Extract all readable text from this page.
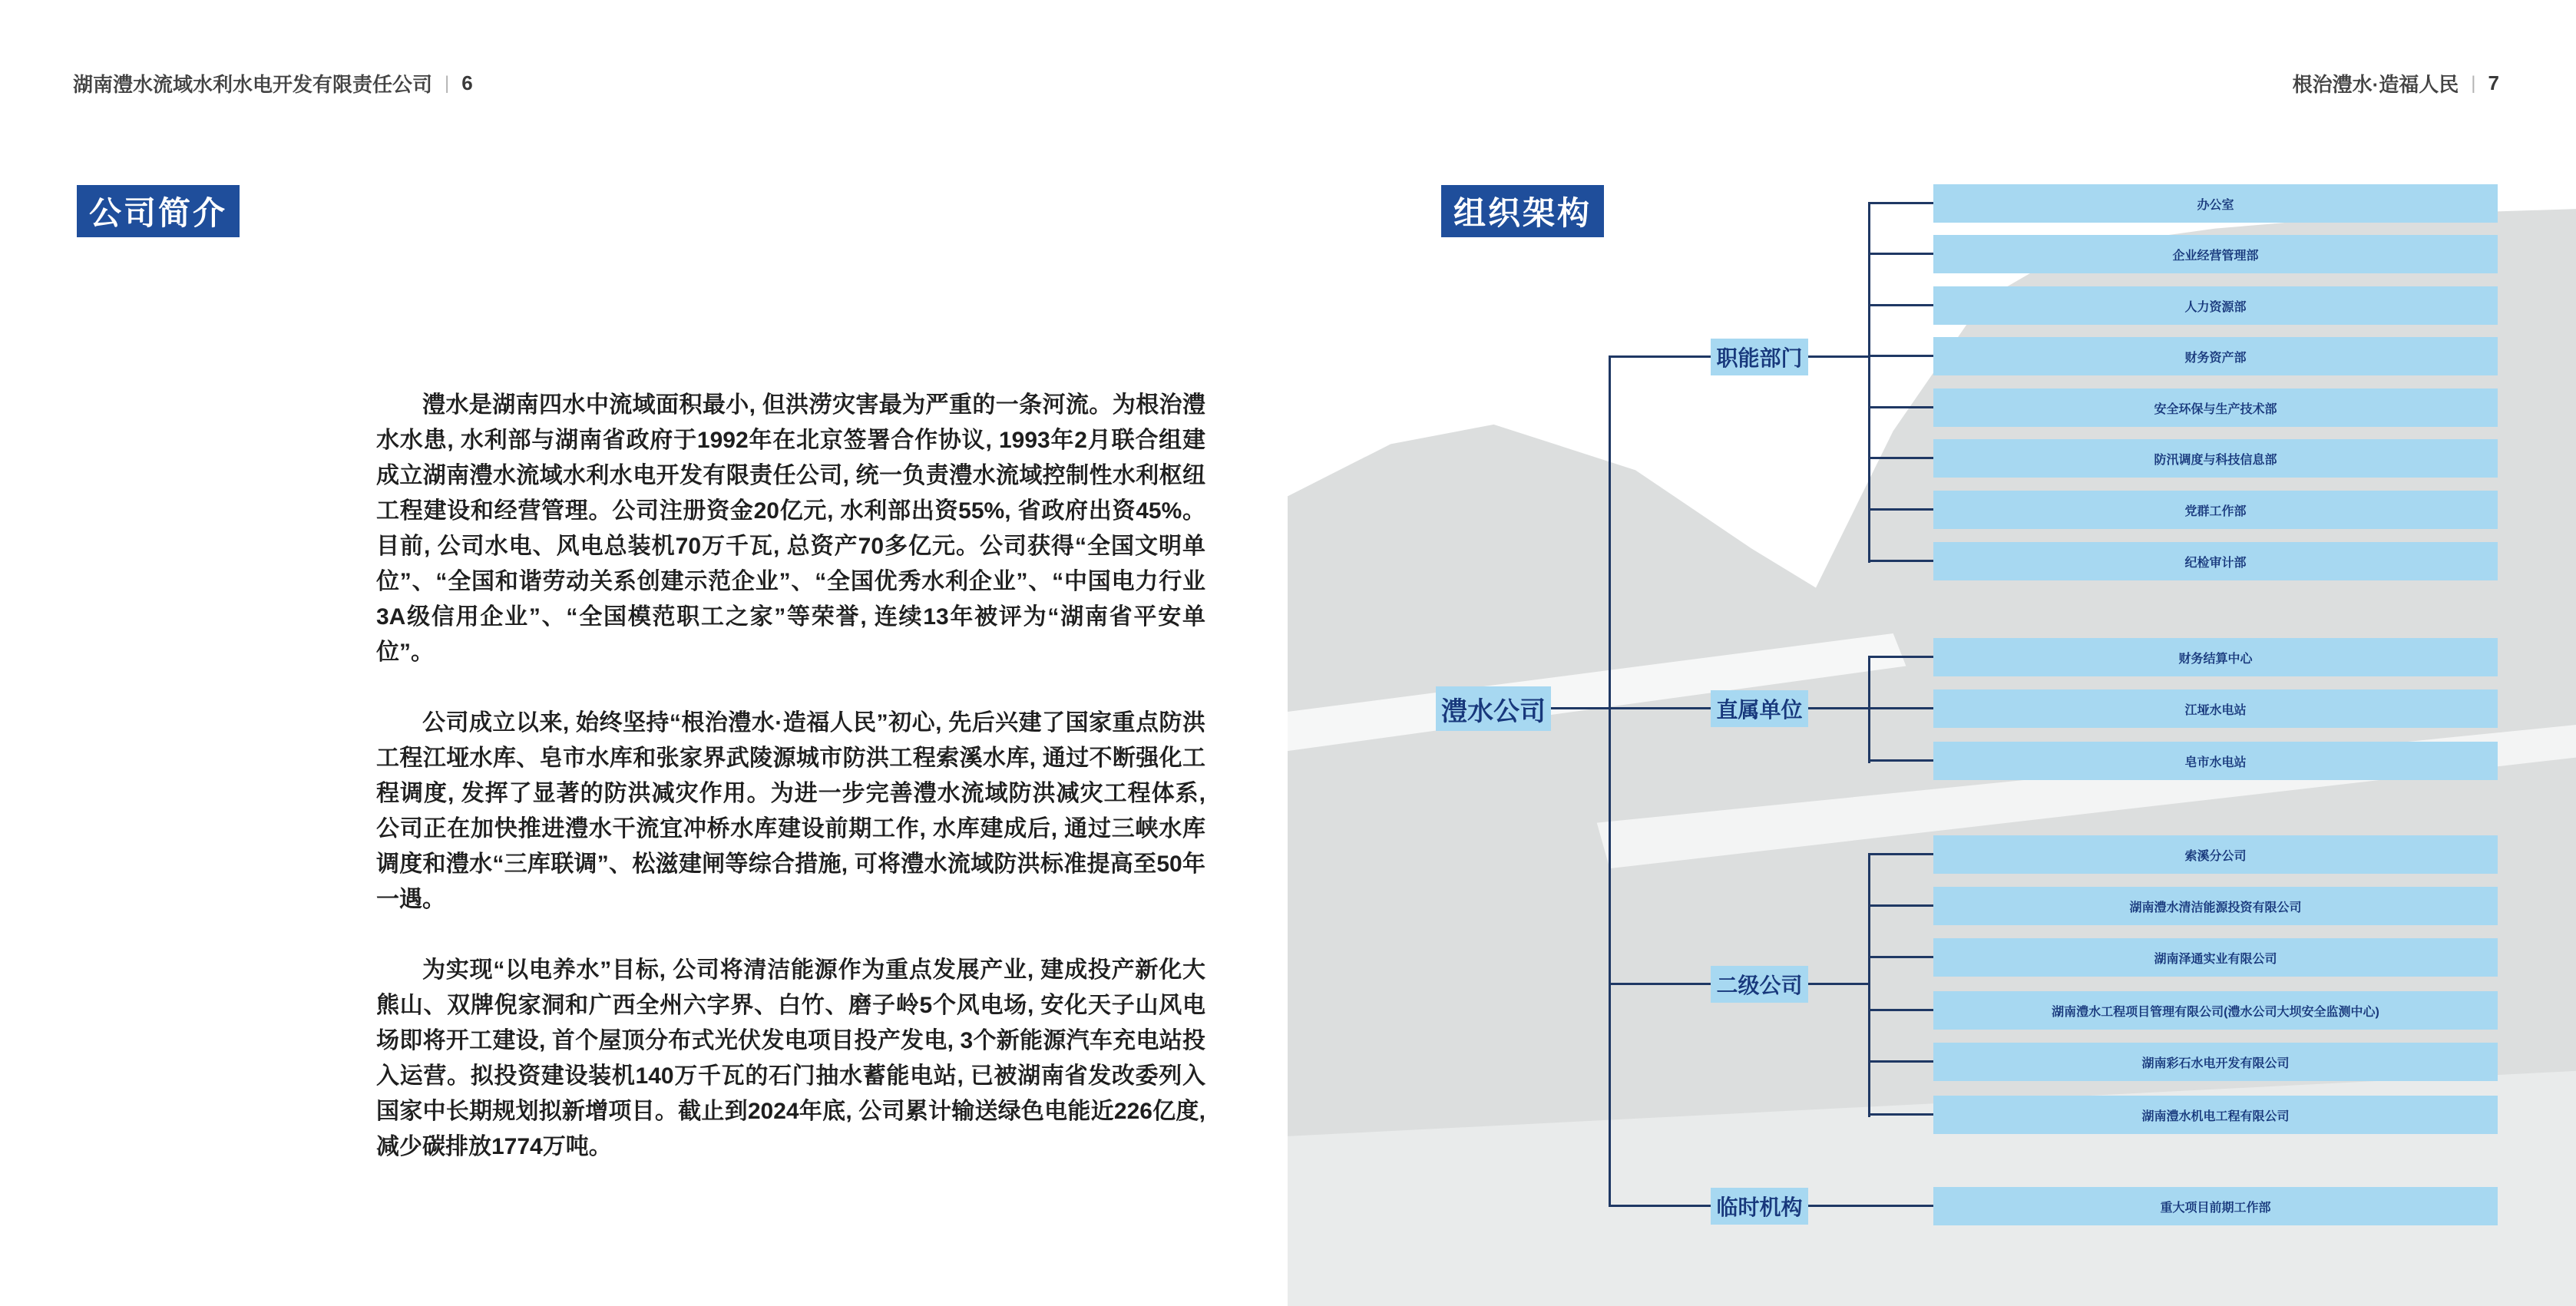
湖南澧水流域水利水电开发有限责任公司 | 6
公司简介

澧水是湖南四水中流域面积最小, 但洪涝灾害最为严重的一条河流。为根治澧水水患, 水利部与湖南省政府于1992年在北京签署合作协议, 1993年2月联合组建成立湖南澧水流域水利水电开发有限责任公司, 统一负责澧水流域控制性水利枢纽工程建设和经营管理。公司注册资金20亿元, 水利部出资55%, 省政府出资45%。目前, 公司水电、风电总装机70万千瓦, 总资产70多亿元。公司获得“全国文明单位”、“全国和谐劳动关系创建示范企业”、“全国优秀水利企业”、“中国电力行业3A级信用企业”、“全国模范职工之家”等荣誉, 连续13年被评为“湖南省平安单位”。

公司成立以来, 始终坚持“根治澧水·造福人民”初心, 先后兴建了国家重点防洪工程江垭水库、皂市水库和张家界武陵源城市防洪工程索溪水库, 通过不断强化工程调度, 发挥了显著的防洪减灾作用。为进一步完善澧水流域防洪减灾工程体系, 公司正在加快推进澧水干流宜冲桥水库建设前期工作, 水库建成后, 通过三峡水库调度和澧水“三库联调”、松滋建闸等综合措施, 可将澧水流域防洪标准提高至50年一遇。

为实现“以电养水”目标, 公司将清洁能源作为重点发展产业, 建成投产新化大熊山、双牌倪家洞和广西全州六字界、白竹、磨子岭5个风电场, 安化天子山风电场即将开工建设, 首个屋顶分布式光伏发电项目投产发电, 3个新能源汽车充电站投入运营。拟投资建设装机140万千瓦的石门抽水蓄能电站, 已被湖南省发改委列入国家中长期规划拟新增项目。截止到2024年底, 公司累计输送绿色电能近226亿度, 减少碳排放1774万吨。

根治澧水·造福人民 | 7
组织架构
澧水公司
职能部门
直属单位
二级公司
临时机构
办公室
企业经营管理部
人力资源部
财务资产部
安全环保与生产技术部
防汛调度与科技信息部
党群工作部
纪检审计部
财务结算中心
江垭水电站
皂市水电站
索溪分公司
湖南澧水清洁能源投资有限公司
湖南泽通实业有限公司
湖南澧水工程项目管理有限公司(澧水公司大坝安全监测中心)
湖南彩石水电开发有限公司
湖南澧水机电工程有限公司
重大项目前期工作部
